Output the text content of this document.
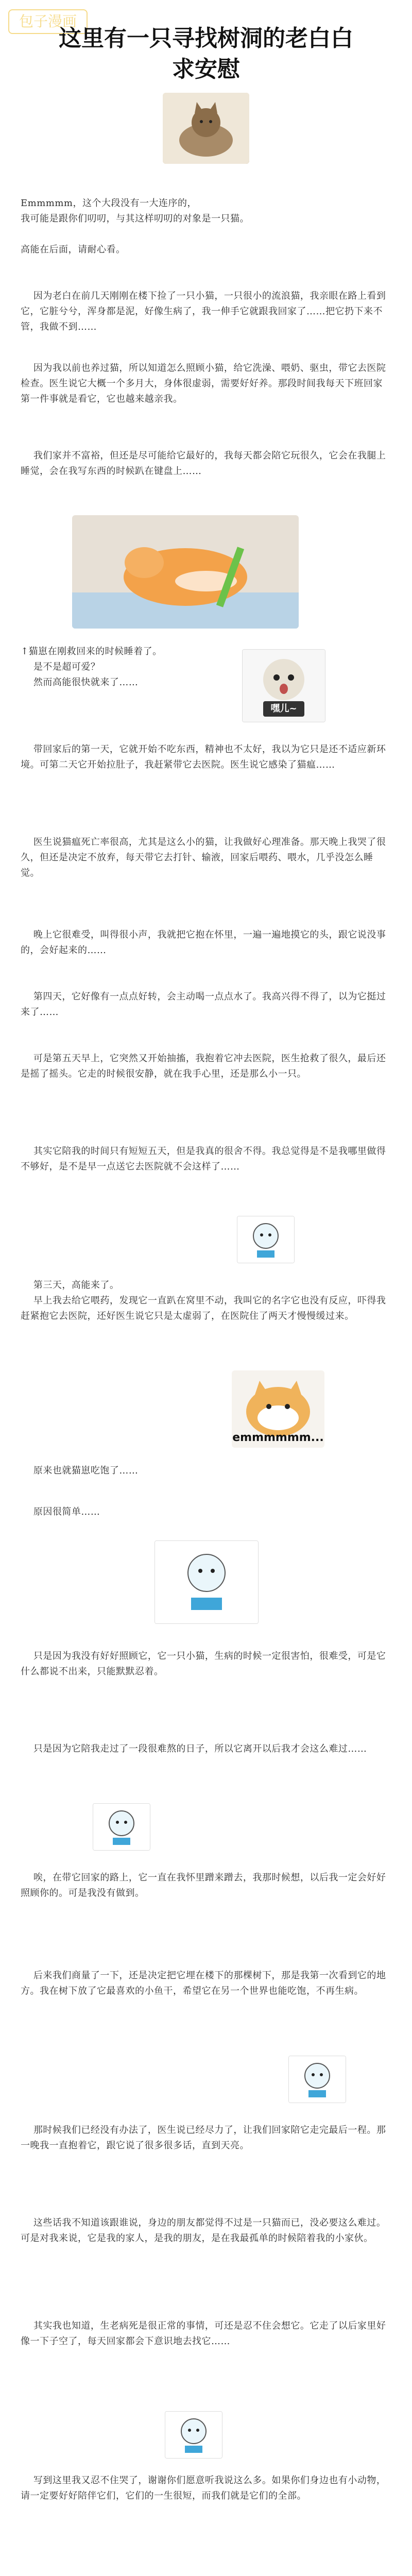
包子漫画
这里有一只寻找树洞的老白白
求安慰
Emmmmm，这个大段没有一大连序的，
我可能是跟你们叨叨，与其这样叨叨的对象是一只猫。
高能在后面，请耐心看。
因为老白在前几天刚刚在楼下捡了一只小猫，一只很小的流浪猫，我亲眼在路上看到它，它脏兮兮，浑身都是泥，好像生病了，我一伸手它就跟我回家了……把它扔下来不管，我做不到……
因为我以前也养过猫，所以知道怎么照顾小猫，给它洗澡、喂奶、驱虫，带它去医院检查。医生说它大概一个多月大，身体很虚弱，需要好好养。那段时间我每天下班回家第一件事就是看它，它也越来越亲我。
我们家并不富裕，但还是尽可能给它最好的，我每天都会陪它玩很久，它会在我腿上睡觉，会在我写东西的时候趴在键盘上……
↑猫崽在刚救回来的时候睡着了。
是不是超可爱？
然而高能很快就来了……
嘿儿~
带回家后的第一天，它就开始不吃东西，精神也不太好，我以为它只是还不适应新环境。可第二天它开始拉肚子，我赶紧带它去医院。医生说它感染了猫瘟……
医生说猫瘟死亡率很高，尤其是这么小的猫，让我做好心理准备。那天晚上我哭了很久，但还是决定不放弃，每天带它去打针、输液，回家后喂药、喂水，几乎没怎么睡觉。
晚上它很难受，叫得很小声，我就把它抱在怀里，一遍一遍地摸它的头，跟它说没事的，会好起来的……
第四天，它好像有一点点好转，会主动喝一点点水了。我高兴得不得了，以为它挺过来了……
可是第五天早上，它突然又开始抽搐，我抱着它冲去医院，医生抢救了很久，最后还是摇了摇头。它走的时候很安静，就在我手心里，还是那么小一只。
其实它陪我的时间只有短短五天，但是我真的很舍不得。我总觉得是不是我哪里做得不够好，是不是早一点送它去医院就不会这样了……
第三天，高能来了。
早上我去给它喂药，发现它一直趴在窝里不动，我叫它的名字它也没有反应，吓得我赶紧抱它去医院，还好医生说它只是太虚弱了，在医院住了两天才慢慢缓过来。
emmmmmm...
原来也就猫崽吃饱了……
原因很简单……
只是因为我没有好好照顾它，它一只小猫，生病的时候一定很害怕，很难受，可是它什么都说不出来，只能默默忍着。
只是因为它陪我走过了一段很难熬的日子，所以它离开以后我才会这么难过……
唉，在带它回家的路上，它一直在我怀里蹭来蹭去，我那时候想，以后我一定会好好照顾你的。可是我没有做到。
后来我们商量了一下，还是决定把它埋在楼下的那棵树下，那是我第一次看到它的地方。我在树下放了它最喜欢的小鱼干，希望它在另一个世界也能吃饱，不再生病。
那时候我们已经没有办法了，医生说已经尽力了，让我们回家陪它走完最后一程。那一晚我一直抱着它，跟它说了很多很多话，直到天亮。
这些话我不知道该跟谁说，身边的朋友都觉得不过是一只猫而已，没必要这么难过。可是对我来说，它是我的家人，是我的朋友，是在我最孤单的时候陪着我的小家伙。
其实我也知道，生老病死是很正常的事情，可还是忍不住会想它。它走了以后家里好像一下子空了，每天回家都会下意识地去找它……
写到这里我又忍不住哭了，谢谢你们愿意听我说这么多。如果你们身边也有小动物，请一定要好好陪伴它们，它们的一生很短，而我们就是它们的全部。
